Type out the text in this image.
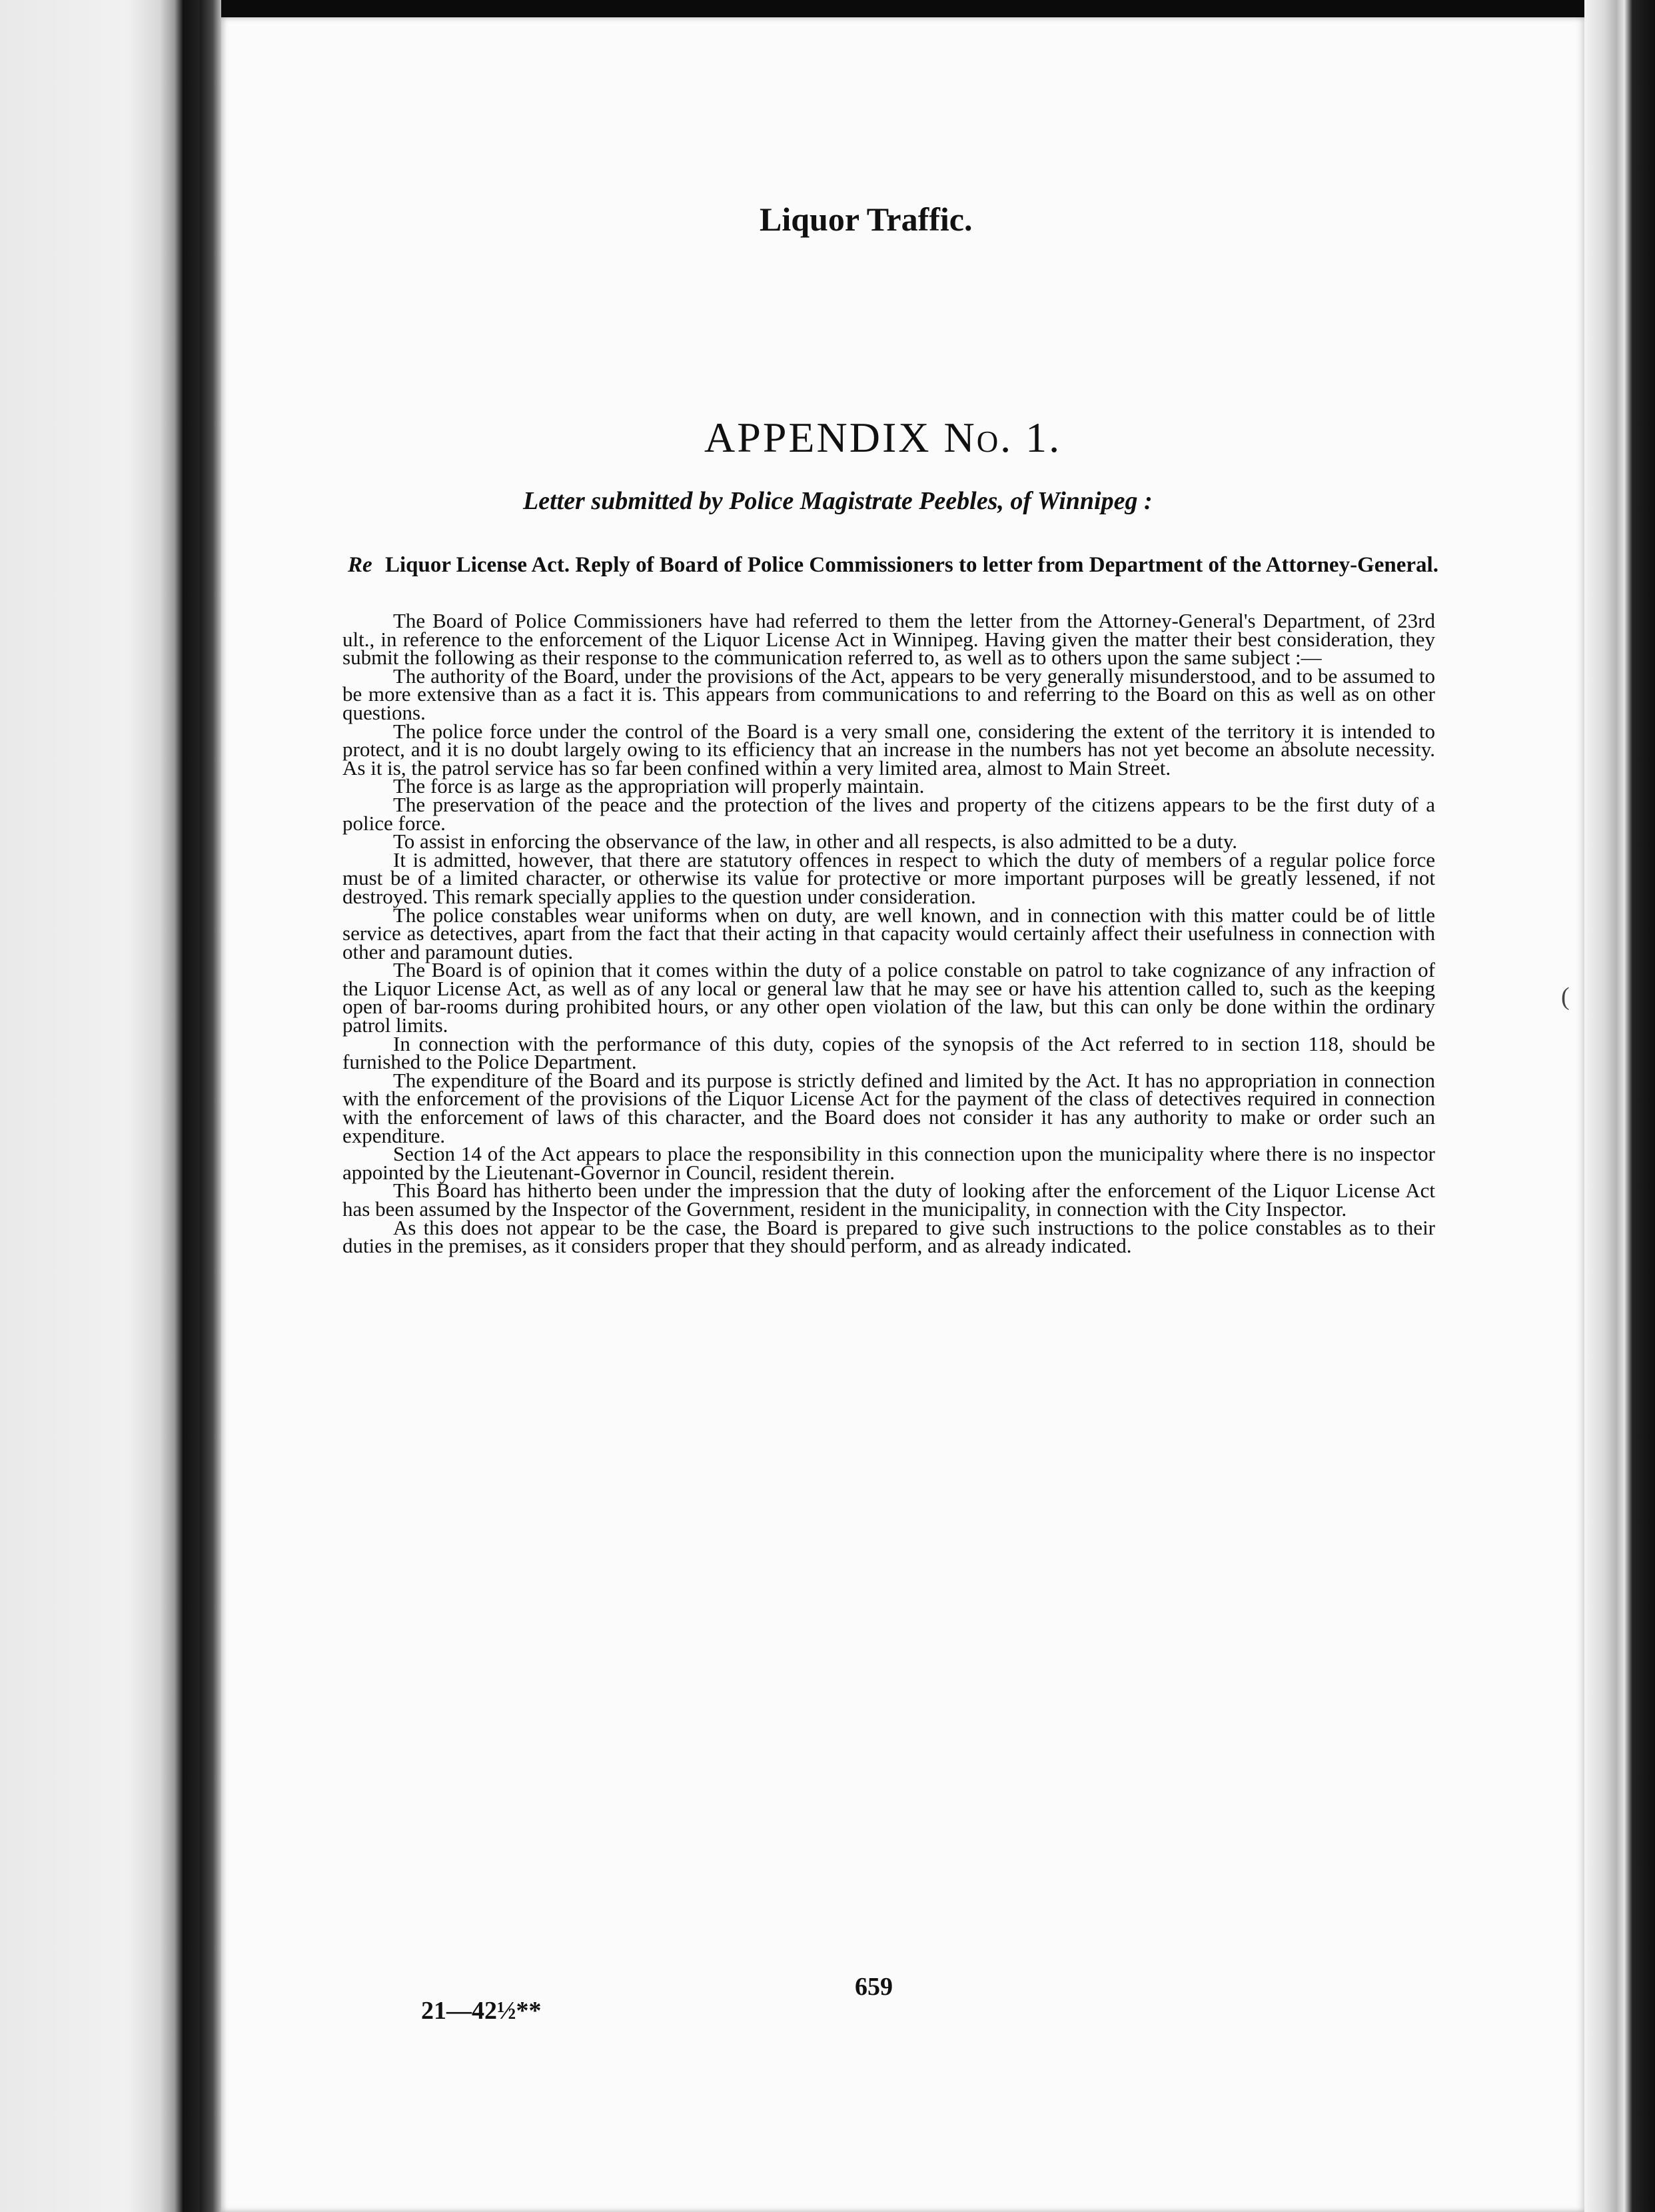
Liquor Traffic.
APPENDIX No. 1.
Letter submitted by Police Magistrate Peebles, of Winnipeg :
Re Liquor License Act. Reply of Board of Police Commissioners to letter from Department of the Attorney-General.

The Board of Police Commissioners have had referred to them the letter from the Attorney-General's Department, of 23rd ult., in reference to the enforcement of the Liquor License Act in Winnipeg. Having given the matter their best consideration, they submit the following as their response to the communication referred to, as well as to others upon the same subject :—

The authority of the Board, under the provisions of the Act, appears to be very generally misunderstood, and to be assumed to be more extensive than as a fact it is. This appears from communications to and referring to the Board on this as well as on other questions.

The police force under the control of the Board is a very small one, considering the extent of the territory it is intended to protect, and it is no doubt largely owing to its efficiency that an increase in the numbers has not yet become an absolute necessity. As it is, the patrol service has so far been confined within a very limited area, almost to Main Street.

The force is as large as the appropriation will properly maintain.

The preservation of the peace and the protection of the lives and property of the citizens appears to be the first duty of a police force.

To assist in enforcing the observance of the law, in other and all respects, is also admitted to be a duty.

It is admitted, however, that there are statutory offences in respect to which the duty of members of a regular police force must be of a limited character, or otherwise its value for protective or more important purposes will be greatly lessened, if not destroyed. This remark specially applies to the question under consideration.

The police constables wear uniforms when on duty, are well known, and in connection with this matter could be of little service as detectives, apart from the fact that their acting in that capacity would certainly affect their usefulness in connection with other and paramount duties.

The Board is of opinion that it comes within the duty of a police constable on patrol to take cognizance of any infraction of the Liquor License Act, as well as of any local or general law that he may see or have his attention called to, such as the keeping open of bar-rooms during prohibited hours, or any other open violation of the law, but this can only be done within the ordinary patrol limits.

In connection with the performance of this duty, copies of the synopsis of the Act referred to in section 118, should be furnished to the Police Department.

The expenditure of the Board and its purpose is strictly defined and limited by the Act. It has no appropriation in connection with the enforcement of the provisions of the Liquor License Act for the payment of the class of detectives required in connection with the enforcement of laws of this character, and the Board does not consider it has any authority to make or order such an expenditure.

Section 14 of the Act appears to place the responsibility in this connection upon the municipality where there is no inspector appointed by the Lieutenant-Governor in Council, resident therein.

This Board has hitherto been under the impression that the duty of looking after the enforcement of the Liquor License Act has been assumed by the Inspector of the Government, resident in the municipality, in connection with the City Inspector.

As this does not appear to be the case, the Board is prepared to give such instructions to the police constables as to their duties in the premises, as it considers proper that they should perform, and as already indicated.

(
659
21—42½**
